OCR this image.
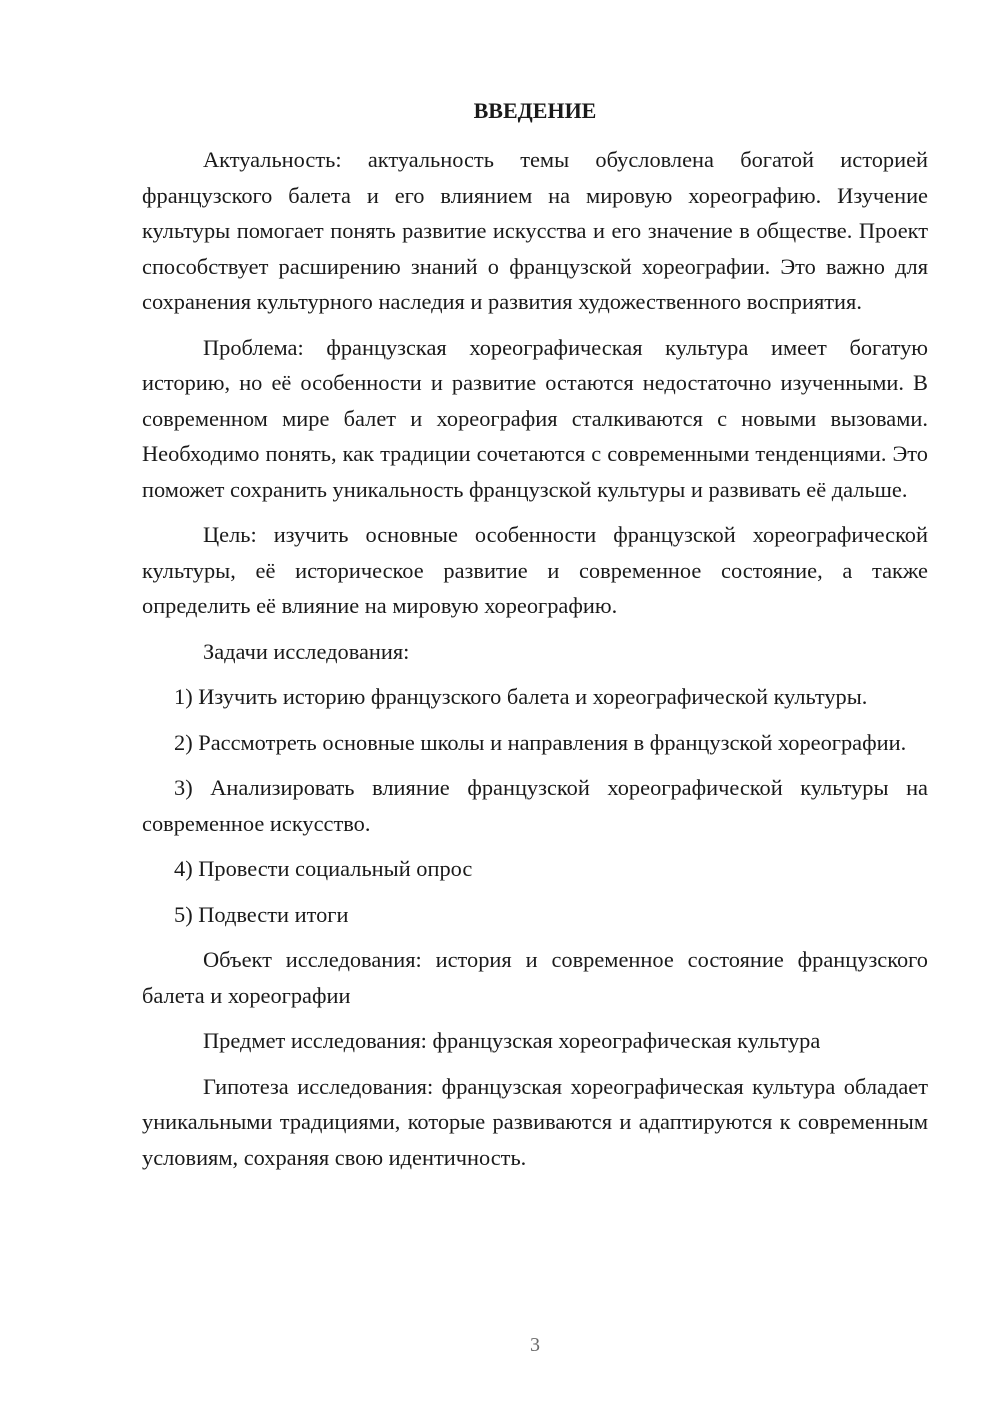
ВВЕДЕНИЕ

Актуальность: актуальность темы обусловлена богатой историей французского балета и его влиянием на мировую хореографию. Изучение культуры помогает понять развитие искусства и его значение в обществе. Проект способствует расширению знаний о французской хореографии. Это важно для сохранения культурного наследия и развития художественного восприятия.

Проблема: французская хореографическая культура имеет богатую историю, но её особенности и развитие остаются недостаточно изученными. В современном мире балет и хореография сталкиваются с новыми вызовами. Необходимо понять, как традиции сочетаются с современными тенденциями. Это поможет сохранить уникальность французской культуры и развивать её дальше.

Цель: изучить основные особенности французской хореографической культуры, её историческое развитие и современное состояние, а также определить её влияние на мировую хореографию.

Задачи исследования:

1) Изучить историю французского балета и хореографической культуры.

2) Рассмотреть основные школы и направления в французской хореографии.

3) Анализировать влияние французской хореографической культуры на современное искусство.

4) Провести социальный опрос

5) Подвести итоги

Объект исследования: история и современное состояние французского балета и хореографии

Предмет исследования: французская хореографическая культура

Гипотеза исследования: французская хореографическая культура обладает уникальными традициями, которые развиваются и адаптируются к современным условиям, сохраняя свою идентичность.

3
